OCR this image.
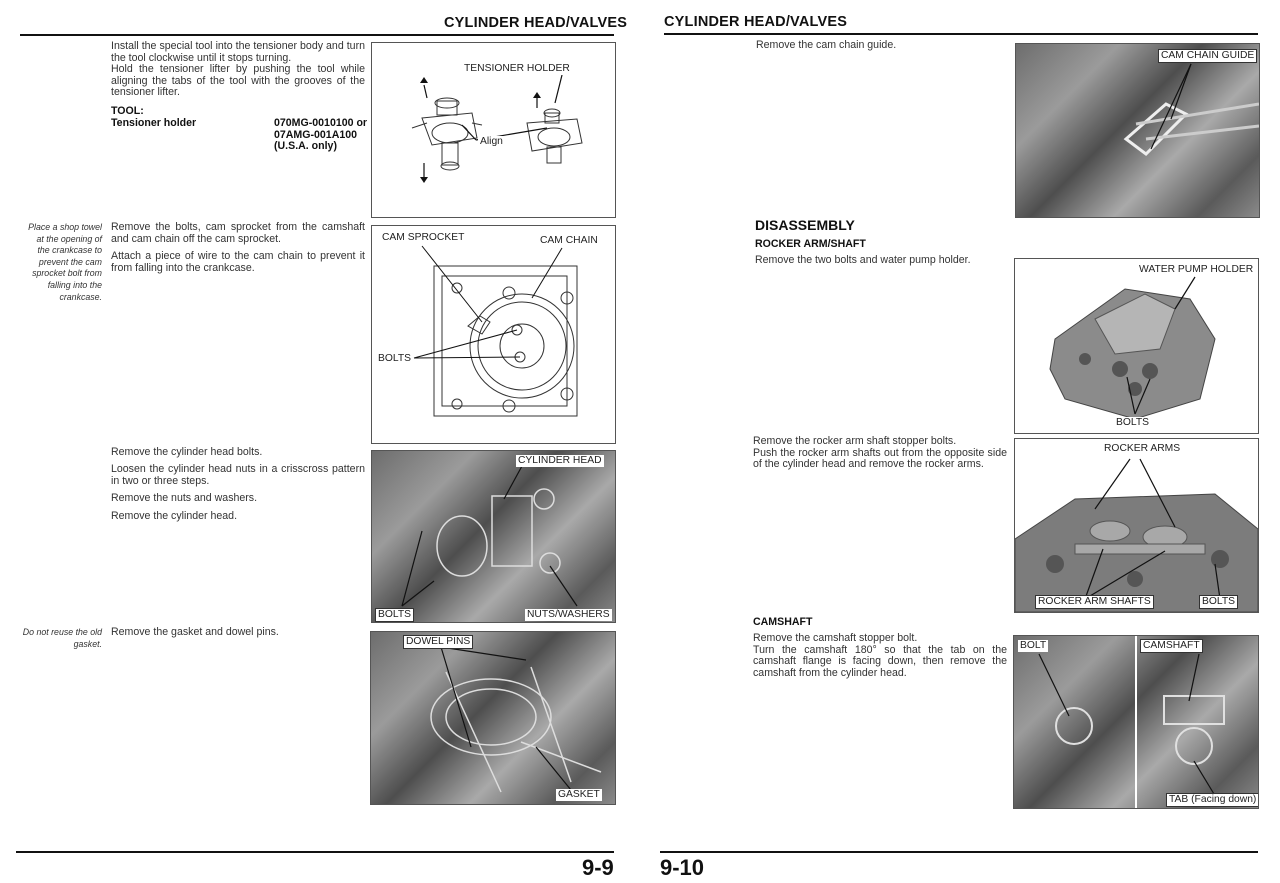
CYLINDER HEAD/VALVES
Install the special tool into the tensioner body and turn the tool clockwise until it stops turning.
Hold the tensioner lifter by pushing the tool while aligning the tabs of the tool with the grooves of the tensioner lifter.
TOOL:
Tensioner holder	070MG-0010100 or
07AMG-001A100
(U.S.A. only)
TENSIONER HOLDER
Align
Place a shop towel at the opening of the crankcase to prevent the cam sprocket bolt from falling into the crankcase.
Remove the bolts, cam sprocket from the camshaft and cam chain off the cam sprocket.
Attach a piece of wire to the cam chain to prevent it from falling into the crankcase.
CAM SPROCKET	CAM CHAIN
BOLTS
Remove the cylinder head bolts.
Loosen the cylinder head nuts in a crisscross pattern in two or three steps.
Remove the nuts and washers.
Remove the cylinder head.
CYLINDER HEAD
BOLTS	NUTS/WASHERS
Do not reuse the old gasket.
Remove the gasket and dowel pins.
DOWEL PINS
GASKET
9-9
CYLINDER HEAD/VALVES
Remove the cam chain guide.
CAM CHAIN GUIDE
DISASSEMBLY
ROCKER ARM/SHAFT
Remove the two bolts and water pump holder.
WATER PUMP HOLDER
BOLTS
Remove the rocker arm shaft stopper bolts.
Push the rocker arm shafts out from the opposite side of the cylinder head and remove the rocker arms.
ROCKER ARMS
ROCKER ARM SHAFTS	BOLTS
CAMSHAFT
Remove the camshaft stopper bolt.
Turn the camshaft 180° so that the tab on the camshaft flange is facing down, then remove the camshaft from the cylinder head.
BOLT	CAMSHAFT
TAB (Facing down)
9-10
